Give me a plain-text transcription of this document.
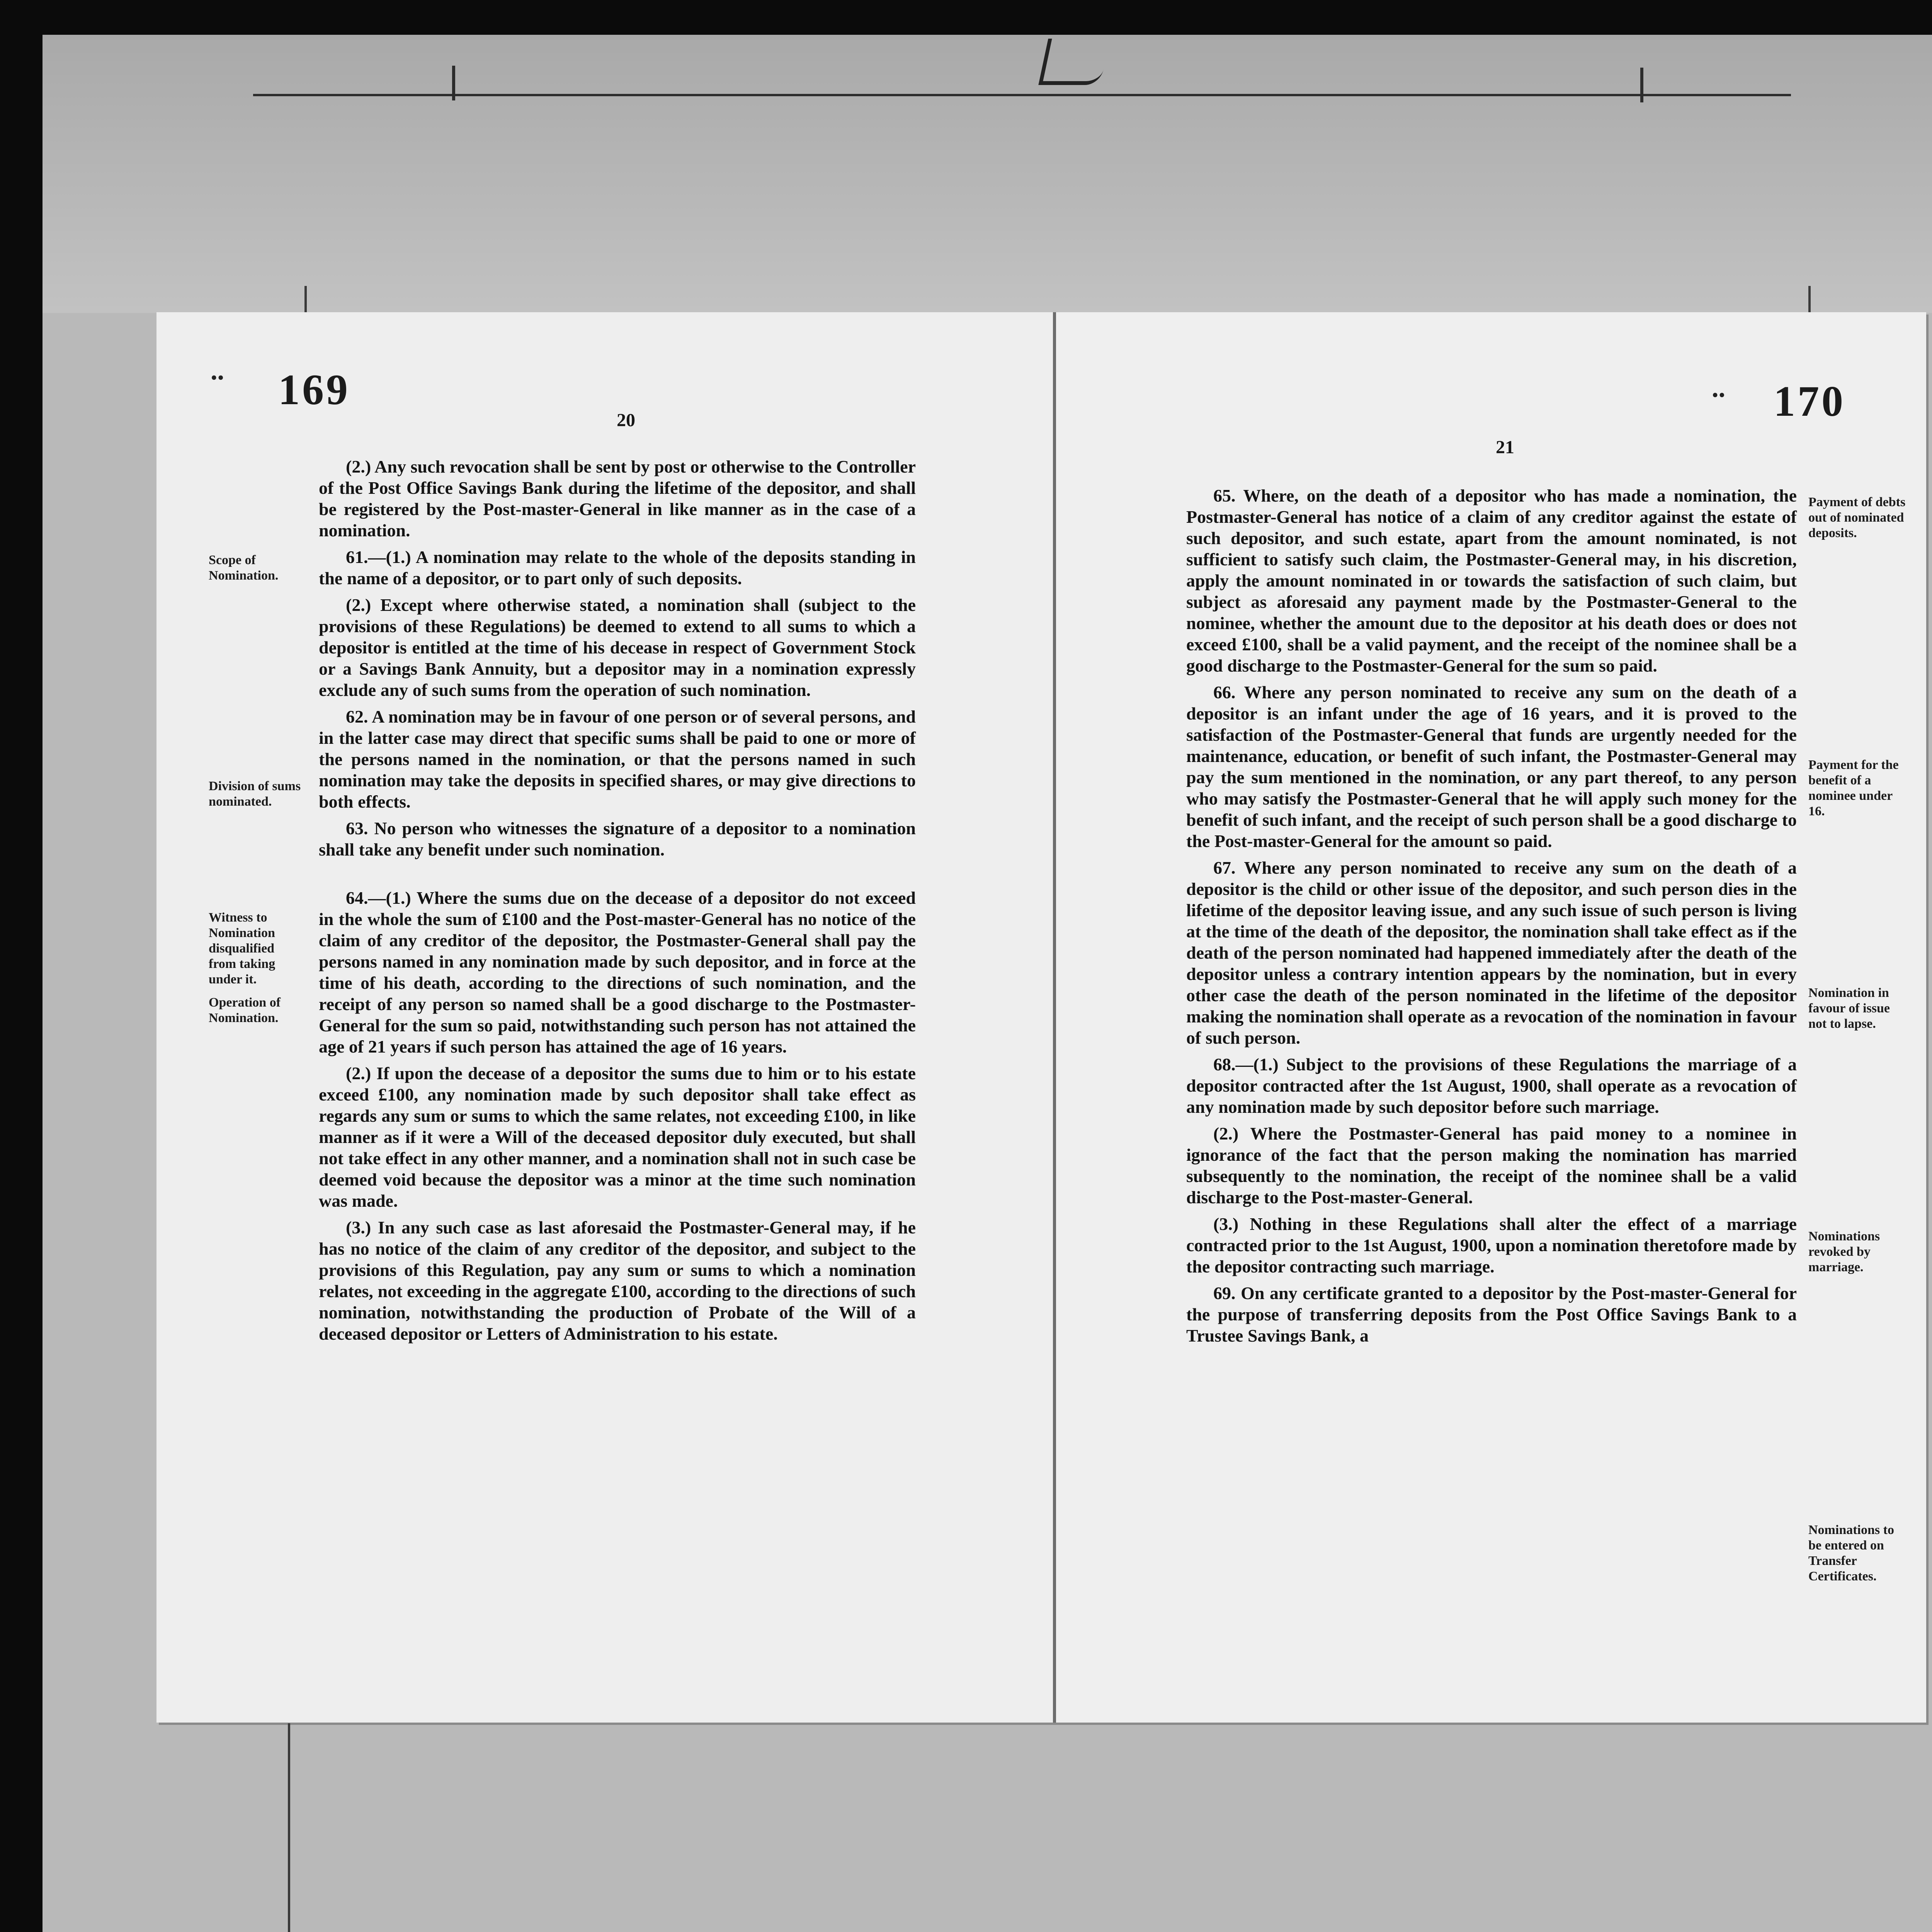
.. 169
20

(2.) Any such revocation shall be sent by post or otherwise to the Controller of the Post Office Savings Bank during the lifetime of the depositor, and shall be registered by the Post-master-General in like manner as in the case of a nomination.

61.—(1.) A nomination may relate to the whole of the deposits standing in the name of a depositor, or to part only of such deposits.

(2.) Except where otherwise stated, a nomination shall (subject to the provisions of these Regulations) be deemed to extend to all sums to which a depositor is entitled at the time of his decease in respect of Government Stock or a Savings Bank Annuity, but a depositor may in a nomination expressly exclude any of such sums from the operation of such nomination.

62. A nomination may be in favour of one person or of several persons, and in the latter case may direct that specific sums shall be paid to one or more of the persons named in the nomination, or that the persons named in such nomination may take the deposits in specified shares, or may give directions to both effects.

63. No person who witnesses the signature of a depositor to a nomination shall take any benefit under such nomination.

64.—(1.) Where the sums due on the decease of a depositor do not exceed in the whole the sum of £100 and the Post-master-General has no notice of the claim of any creditor of the depositor, the Postmaster-General shall pay the persons named in any nomination made by such depositor, and in force at the time of his death, according to the directions of such nomination, and the receipt of any person so named shall be a good discharge to the Postmaster-General for the sum so paid, notwithstanding such person has not attained the age of 21 years if such person has attained the age of 16 years.

(2.) If upon the decease of a depositor the sums due to him or to his estate exceed £100, any nomination made by such depositor shall take effect as regards any sum or sums to which the same relates, not exceeding £100, in like manner as if it were a Will of the deceased depositor duly executed, but shall not take effect in any other manner, and a nomination shall not in such case be deemed void because the depositor was a minor at the time such nomination was made.

(3.) In any such case as last aforesaid the Postmaster-General may, if he has no notice of the claim of any creditor of the depositor, and subject to the provisions of this Regulation, pay any sum or sums to which a nomination relates, not exceeding in the aggregate £100, according to the directions of such nomination, notwithstanding the production of Probate of the Will of a deceased depositor or Letters of Administration to his estate.

Scope of Nomination.
Division of sums nominated.
Witness to Nomination disqualified from taking under it.
Operation of Nomination.
.. 170
21

65. Where, on the death of a depositor who has made a nomination, the Postmaster-General has notice of a claim of any creditor against the estate of such depositor, and such estate, apart from the amount nominated, is not sufficient to satisfy such claim, the Postmaster-General may, in his discretion, apply the amount nominated in or towards the satisfaction of such claim, but subject as aforesaid any payment made by the Postmaster-General to the nominee, whether the amount due to the depositor at his death does or does not exceed £100, shall be a valid payment, and the receipt of the nominee shall be a good discharge to the Postmaster-General for the sum so paid.

66. Where any person nominated to receive any sum on the death of a depositor is an infant under the age of 16 years, and it is proved to the satisfaction of the Postmaster-General that funds are urgently needed for the maintenance, education, or benefit of such infant, the Postmaster-General may pay the sum mentioned in the nomination, or any part thereof, to any person who may satisfy the Postmaster-General that he will apply such money for the benefit of such infant, and the receipt of such person shall be a good discharge to the Post-master-General for the amount so paid.

67. Where any person nominated to receive any sum on the death of a depositor is the child or other issue of the depositor, and such person dies in the lifetime of the depositor leaving issue, and any such issue of such person is living at the time of the death of the depositor, the nomination shall take effect as if the death of the person nominated had happened immediately after the death of the depositor unless a contrary intention appears by the nomination, but in every other case the death of the person nominated in the lifetime of the depositor making the nomination shall operate as a revocation of the nomination in favour of such person.

68.—(1.) Subject to the provisions of these Regulations the marriage of a depositor contracted after the 1st August, 1900, shall operate as a revocation of any nomination made by such depositor before such marriage.

(2.) Where the Postmaster-General has paid money to a nominee in ignorance of the fact that the person making the nomination has married subsequently to the nomination, the receipt of the nominee shall be a valid discharge to the Post-master-General.

(3.) Nothing in these Regulations shall alter the effect of a marriage contracted prior to the 1st August, 1900, upon a nomination theretofore made by the depositor contracting such marriage.

69. On any certificate granted to a depositor by the Post-master-General for the purpose of transferring deposits from the Post Office Savings Bank to a Trustee Savings Bank, a

Payment of debts out of nominated deposits.
Payment for the benefit of a nominee under 16.
Nomination in favour of issue not to lapse.
Nominations revoked by marriage.
Nominations to be entered on Transfer Certificates.
